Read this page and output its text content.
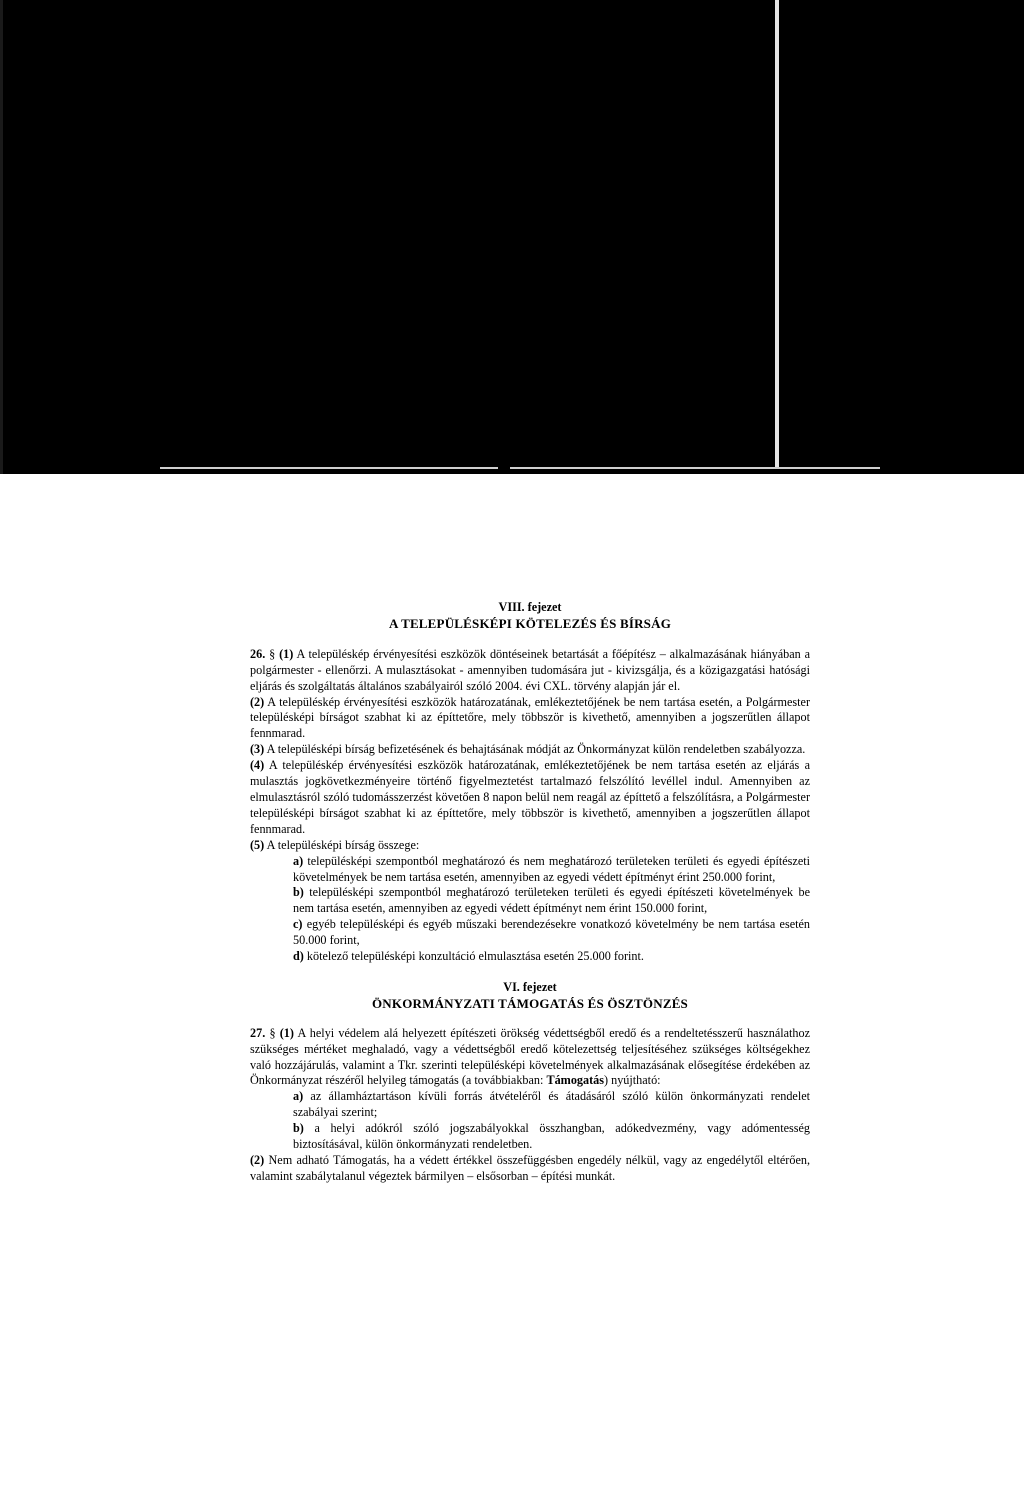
VIII. fejezet
A TELEPÜLÉSKÉPI KÖTELEZÉS ÉS BÍRSÁG

26. § (1) A településkép érvényesítési eszközök döntéseinek betartását a főépítész – alkalmazásának hiányában a polgármester - ellenőrzi. A mulasztásokat - amennyiben tudomására jut - kivizsgálja, és a közigazgatási hatósági eljárás és szolgáltatás általános szabályairól szóló 2004. évi CXL. törvény alapján jár el.

(2) A településkép érvényesítési eszközök határozatának, emlékeztetőjének be nem tartása esetén, a Polgármester településképi bírságot szabhat ki az építtetőre, mely többször is kivethető, amennyiben a jogszerűtlen állapot fennmarad.

(3) A településképi bírság befizetésének és behajtásának módját az Önkormányzat külön rendeletben szabályozza.

(4) A településkép érvényesítési eszközök határozatának, emlékeztetőjének be nem tartása esetén az eljárás a mulasztás jogkövetkezményeire történő figyelmeztetést tartalmazó felszólító levéllel indul. Amennyiben az elmulasztásról szóló tudomásszerzést követően 8 napon belül nem reagál az építtető a felszólításra, a Polgármester településképi bírságot szabhat ki az építtetőre, mely többször is kivethető, amennyiben a jogszerűtlen állapot fennmarad.

(5) A településképi bírság összege:

a) településképi szempontból meghatározó és nem meghatározó területeken területi és egyedi építészeti követelmények be nem tartása esetén, amennyiben az egyedi védett építményt érint 250.000 forint,

b) településképi szempontból meghatározó területeken területi és egyedi építészeti követelmények be nem tartása esetén, amennyiben az egyedi védett építményt nem érint 150.000 forint,

c) egyéb településképi és egyéb műszaki berendezésekre vonatkozó követelmény be nem tartása esetén 50.000 forint,

d) kötelező településképi konzultáció elmulasztása esetén 25.000 forint.

VI. fejezet
ÖNKORMÁNYZATI TÁMOGATÁS ÉS ÖSZTÖNZÉS

27. § (1) A helyi védelem alá helyezett építészeti örökség védettségből eredő és a rendeltetésszerű használathoz szükséges mértéket meghaladó, vagy a védettségből eredő kötelezettség teljesítéséhez szükséges költségekhez való hozzájárulás, valamint a Tkr. szerinti településképi követelmények alkalmazásának elősegítése érdekében az Önkormányzat részéről helyileg támogatás (a továbbiakban: Támogatás) nyújtható:

a) az államháztartáson kívüli forrás átvételéről és átadásáról szóló külön önkormányzati rendelet szabályai szerint;

b) a helyi adókról szóló jogszabályokkal összhangban, adókedvezmény, vagy adómentesség biztosításával, külön önkormányzati rendeletben.

(2) Nem adható Támogatás, ha a védett értékkel összefüggésben engedély nélkül, vagy az engedélytől eltérően, valamint szabálytalanul végeztek bármilyen – elsősorban – építési munkát.
